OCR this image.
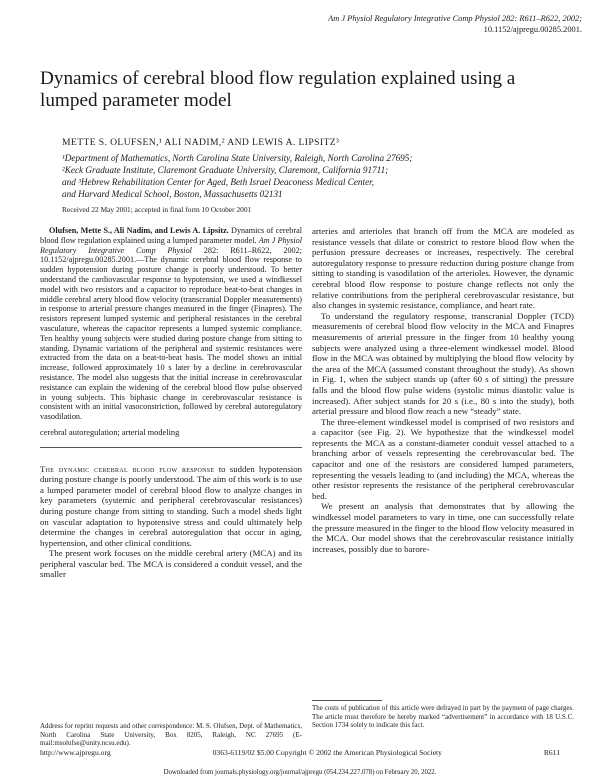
Am J Physiol Regulatory Integrative Comp Physiol 282: R611–R622, 2002;
10.1152/ajpregu.00285.2001.
Dynamics of cerebral blood flow regulation explained using a lumped parameter model
METTE S. OLUFSEN,¹ ALI NADIM,² AND LEWIS A. LIPSITZ³
¹Department of Mathematics, North Carolina State University, Raleigh, North Carolina 27695;
²Keck Graduate Institute, Claremont Graduate University, Claremont, California 91711;
and ³Hebrew Rehabilitation Center for Aged, Beth Israel Deaconess Medical Center,
and Harvard Medical School, Boston, Massachusetts 02131
Received 22 May 2001; accepted in final form 10 October 2001

Olufsen, Mette S., Ali Nadim, and Lewis A. Lipsitz. Dynamics of cerebral blood flow regulation explained using a lumped parameter model. Am J Physiol Regulatory Integrative Comp Physiol 282: R611–R622, 2002; 10.1152/ajpregu.00285.2001.—The dynamic cerebral blood flow response to sudden hypotension during posture change is poorly understood. To better understand the cardiovascular response to hypotension, we used a windkessel model with two resistors and a capacitor to reproduce beat-to-beat changes in middle cerebral artery blood flow velocity (transcranial Doppler measurements) in response to arterial pressure changes measured in the finger (Finapres). The resistors represent lumped systemic and peripheral resistances in the cerebral vasculature, whereas the capacitor represents a lumped systemic compliance. Ten healthy young subjects were studied during posture change from sitting to standing. Dynamic variations of the peripheral and systemic resistances were extracted from the data on a beat-to-beat basis. The model shows an initial increase, followed approximately 10 s later by a decline in cerebrovascular resistance. The model also suggests that the initial increase in cerebrovascular resistance can explain the widening of the cerebral blood flow pulse observed in young subjects. This biphasic change in cerebrovascular resistance is consistent with an initial vasoconstriction, followed by cerebral autoregulatory vasodilation.

cerebral autoregulation; arterial modeling

The dynamic cerebral blood flow response to sudden hypotension during posture change is poorly understood. The aim of this work is to use a lumped parameter model of cerebral blood flow to analyze changes in key parameters (systemic and peripheral cerebrovascular resistances) during posture change from sitting to standing. Such a model sheds light on vascular adaptation to hypotensive stress and could ultimately help determine the changes in cerebral autoregulation that occur in aging, hypertension, and other clinical conditions.

The present work focuses on the middle cerebral artery (MCA) and its peripheral vascular bed. The MCA is considered a conduit vessel, and the smaller

arteries and arterioles that branch off from the MCA are modeled as resistance vessels that dilate or constrict to restore blood flow when the perfusion pressure decreases or increases, respectively. The cerebral autoregulatory response to pressure reduction during posture change from sitting to standing is vasodilation of the arterioles. However, the dynamic cerebral blood flow response to posture change reflects not only the relative contributions from the peripheral cerebrovascular resistance, but also changes in systemic resistance, compliance, and heart rate.

To understand the regulatory response, transcranial Doppler (TCD) measurements of cerebral blood flow velocity in the MCA and Finapres measurements of arterial pressure in the finger from 10 healthy young subjects were analyzed using a three-element windkessel model. Blood flow in the MCA was obtained by multiplying the blood flow velocity by the area of the MCA (assumed constant throughout the study). As shown in Fig. 1, when the subject stands up (after 60 s of sitting) the pressure falls and the blood flow pulse widens (systolic minus diastolic value is increased). After subject stands for 20 s (i.e., 80 s into the study), both arterial pressure and blood flow reach a new “steady” state.

The three-element windkessel model is comprised of two resistors and a capacitor (see Fig. 2). We hypothesize that the windkessel model represents the MCA as a constant-diameter conduit vessel attached to a branching arbor of vessels representing the cerebrovascular bed. The capacitor and one of the resistors are considered lumped parameters, representing the vessels leading to (and including) the MCA, whereas the other resistor represents the resistance of the peripheral cerebrovascular bed.

We present an analysis that demonstrates that by allowing the windkessel model parameters to vary in time, one can successfully relate the pressure measured in the finger to the blood flow velocity measured in the MCA. Our model shows that the cerebrovascular resistance initially increases, possibly due to barore-

Address for reprint requests and other correspondence: M. S. Olufsen, Dept. of Mathematics, North Carolina State University, Box 8205, Raleigh, NC 27695 (E-mail:msolufse@unity.ncsu.edu).
The costs of publication of this article were defrayed in part by the payment of page charges. The article must therefore be hereby marked “advertisement” in accordance with 18 U.S.C. Section 1734 solely to indicate this fact.
http://www.ajpregu.org	0363-6119/02 $5.00 Copyright © 2002 the American Physiological Society	R611
Downloaded from journals.physiology.org/journal/ajpregu (054.234.227.078) on February 20, 2022.
